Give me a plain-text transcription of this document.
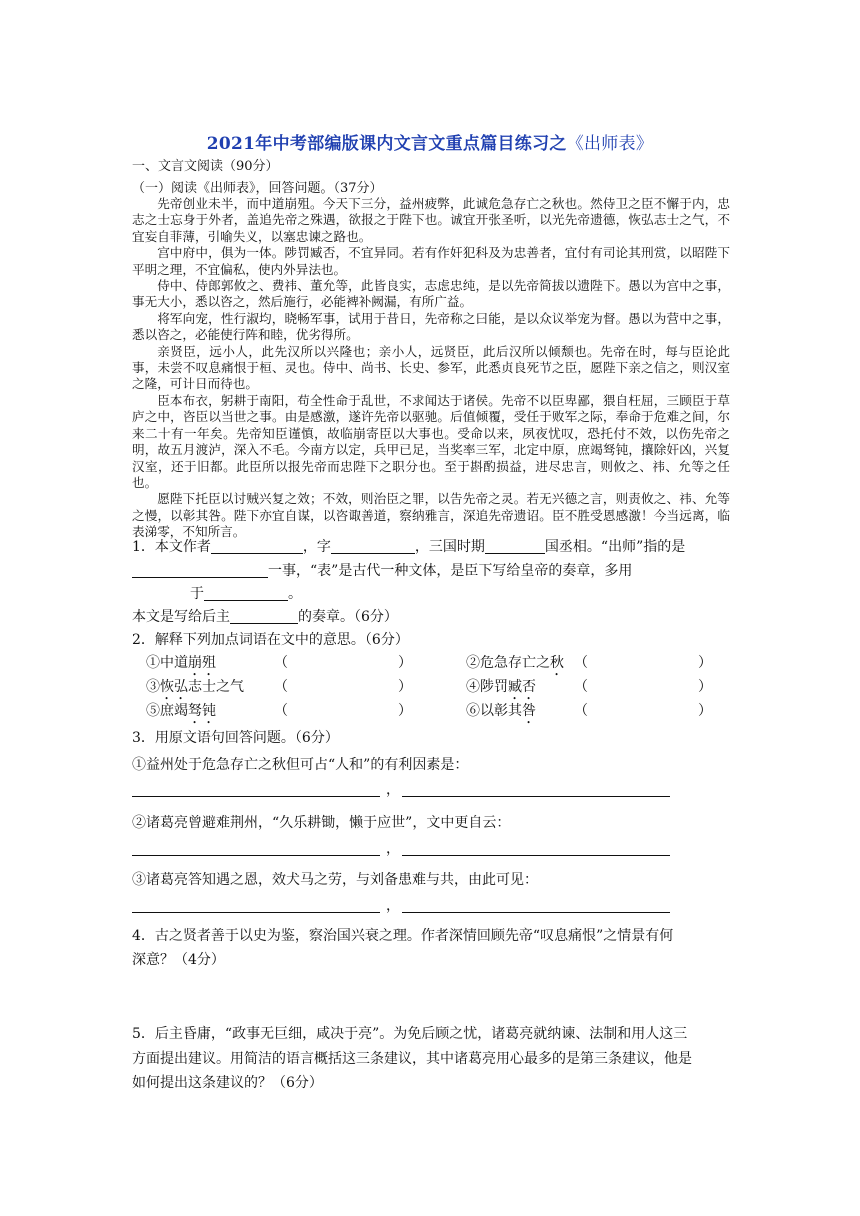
2021年中考部编版课内文言文重点篇目练习之《出师表》
一、文言文阅读（90分）
（一）阅读《出师表》，回答问题。（37分）

先帝创业未半，而中道崩殂。今天下三分，益州疲弊，此诚危急存亡之秋也。然侍卫之臣不懈于内，忠志之士忘身于外者，盖追先帝之殊遇，欲报之于陛下也。诚宜开张圣听，以光先帝遗德，恢弘志士之气，不宜妄自菲薄，引喻失义，以塞忠谏之路也。

宫中府中，俱为一体。陟罚臧否，不宜异同。若有作奸犯科及为忠善者，宜付有司论其刑赏，以昭陛下平明之理，不宜偏私，使内外异法也。

侍中、侍郎郭攸之、费祎、董允等，此皆良实，志虑忠纯，是以先帝简拔以遗陛下。愚以为宫中之事，事无大小，悉以咨之，然后施行，必能裨补阙漏，有所广益。

将军向宠，性行淑均，晓畅军事，试用于昔日，先帝称之曰能，是以众议举宠为督。愚以为营中之事，悉以咨之，必能使行阵和睦，优劣得所。

亲贤臣，远小人，此先汉所以兴隆也；亲小人，远贤臣，此后汉所以倾颓也。先帝在时，每与臣论此事，未尝不叹息痛恨于桓、灵也。侍中、尚书、长史、参军，此悉贞良死节之臣，愿陛下亲之信之，则汉室之隆，可计日而待也。

臣本布衣，躬耕于南阳，苟全性命于乱世，不求闻达于诸侯。先帝不以臣卑鄙，猥自枉屈，三顾臣于草庐之中，咨臣以当世之事。由是感激，遂许先帝以驱驰。后值倾覆，受任于败军之际，奉命于危难之间，尔来二十有一年矣。先帝知臣谨慎，故临崩寄臣以大事也。受命以来，夙夜忧叹，恐托付不效，以伤先帝之明，故五月渡泸，深入不毛。今南方以定，兵甲已足，当奖率三军，北定中原，庶竭驽钝，攘除奸凶，兴复汉室，还于旧都。此臣所以报先帝而忠陛下之职分也。至于斟酌损益，进尽忠言，则攸之、祎、允等之任也。

愿陛下托臣以讨贼兴复之效；不效，则治臣之罪，以告先帝之灵。若无兴德之言，则责攸之、祎、允等之慢，以彰其咎。陛下亦宜自谋，以咨诹善道，察纳雅言，深追先帝遗诏。臣不胜受恩感激！今当远离，临表涕零，不知所言。

1．本文作者	，字	，三国时期	国丞相。“出师”指的是
一事，“表”是古代一种文体，是臣下写给皇帝的奏章，多用
于	。
本文是写给后主	的奏章。（6分）
2．解释下列加点词语在文中的意思。（6分）
①中道崩殂	（	）	②危急存亡之秋 （	）
③恢弘志士之气 （	）	④陟罚臧否	（	）
⑤庶竭驽钝	（	）	⑥以彰其咎	（	）
3．用原文语句回答问题。（6分）
①益州处于危急存亡之秋但可占“人和”的有利因素是：
，
②诸葛亮曾避难荆州，“久乐耕锄，懒于应世”，文中更自云：
，
③诸葛亮答知遇之恩，效犬马之劳，与刘备患难与共，由此可见：
，
4．古之贤者善于以史为鉴，察治国兴衰之理。作者深情回顾先帝“叹息痛恨”之情景有何
深意？（4分）
5．后主昏庸，“政事无巨细，咸决于亮”。为免后顾之忧，诸葛亮就纳谏、法制和用人这三
方面提出建议。用简洁的语言概括这三条建议，其中诸葛亮用心最多的是第三条建议，他是
如何提出这条建议的？（6分）
